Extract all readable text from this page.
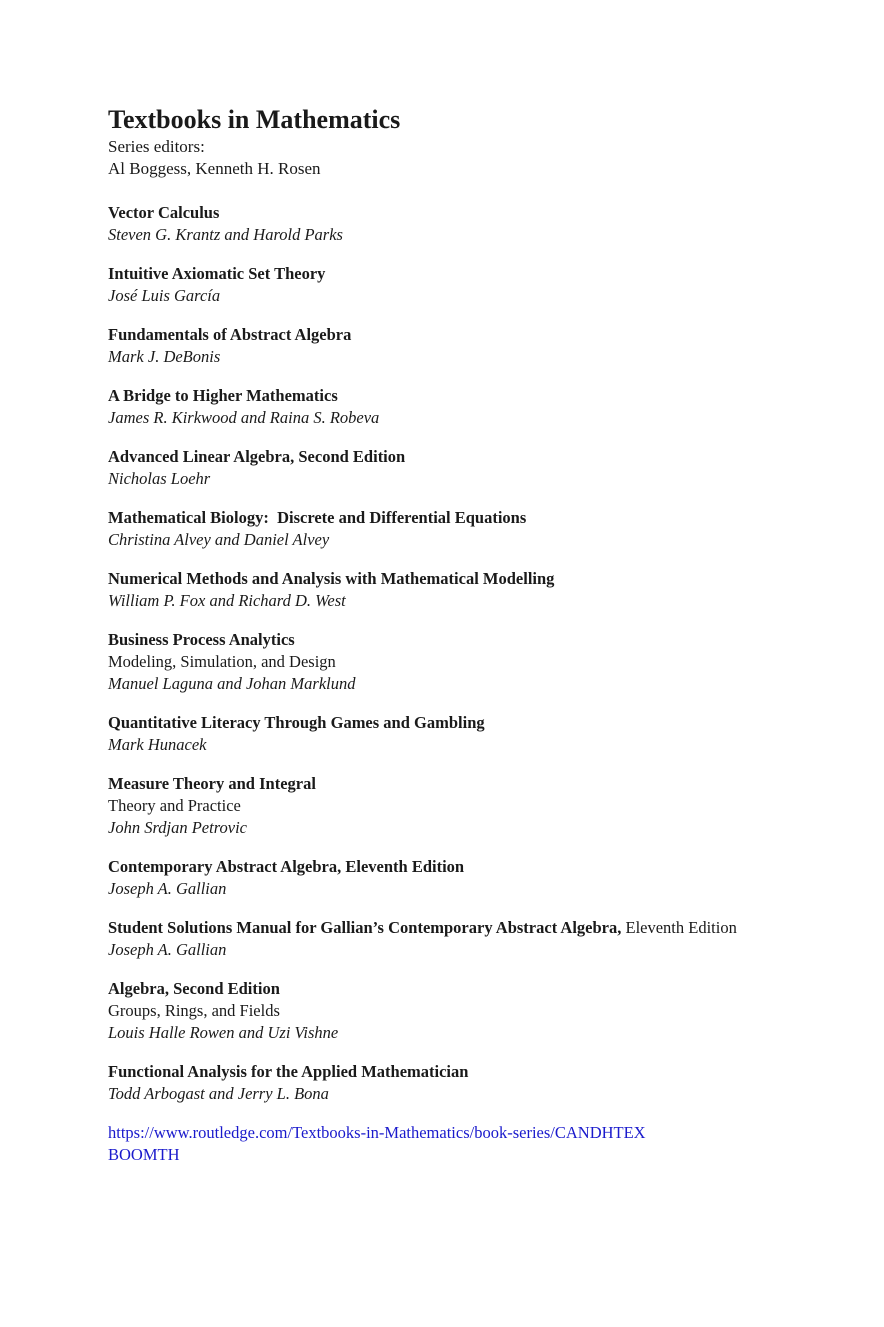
Textbooks in Mathematics
Series editors:
Al Boggess, Kenneth H. Rosen
Vector Calculus
Steven G. Krantz and Harold Parks
Intuitive Axiomatic Set Theory
José Luis García
Fundamentals of Abstract Algebra
Mark J. DeBonis
A Bridge to Higher Mathematics
James R. Kirkwood and Raina S. Robeva
Advanced Linear Algebra, Second Edition
Nicholas Loehr
Mathematical Biology:  Discrete and Differential Equations
Christina Alvey and Daniel Alvey
Numerical Methods and Analysis with Mathematical Modelling
William P. Fox and Richard D. West
Business Process Analytics
Modeling, Simulation, and Design
Manuel Laguna and Johan Marklund
Quantitative Literacy Through Games and Gambling
Mark Hunacek
Measure Theory and Integral
Theory and Practice
John Srdjan Petrovic
Contemporary Abstract Algebra, Eleventh Edition
Joseph A. Gallian
Student Solutions Manual for Gallian’s Contemporary Abstract Algebra, Eleventh Edition
Joseph A. Gallian
Algebra, Second Edition
Groups, Rings, and Fields
Louis Halle Rowen and Uzi Vishne
Functional Analysis for the Applied Mathematician
Todd Arbogast and Jerry L. Bona
https://www.routledge.com/Textbooks-in-Mathematics/book-series/CANDHTEXBOOMTH
